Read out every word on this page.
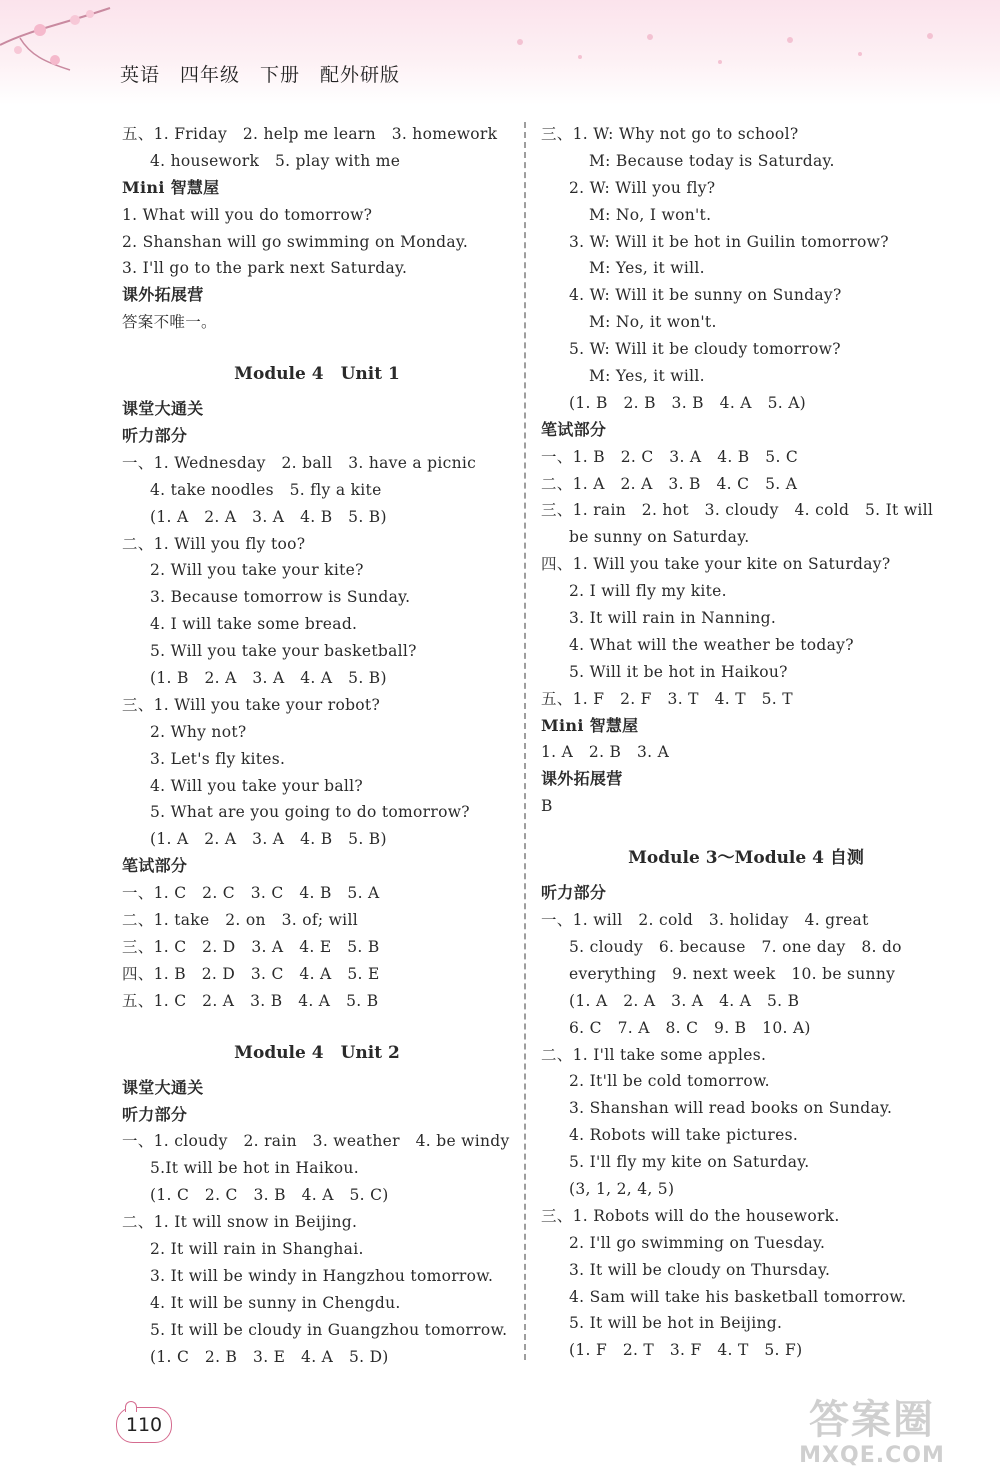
英语　四年级　下册　配外研版
五、1. Friday　2. help me learn　3. homework
4. housework　5. play with me
Mini 智慧屋
1. What will you do tomorrow?
2. Shanshan will go swimming on Monday.
3. I'll go to the park next Saturday.
课外拓展营
答案不唯一。
Module 4　Unit 1
课堂大通关
听力部分
一、1. Wednesday　2. ball　3. have a picnic
4. take noodles　5. fly a kite
(1. A　2. A　3. A　4. B　5. B)
二、1. Will you fly too?
2. Will you take your kite?
3. Because tomorrow is Sunday.
4. I will take some bread.
5. Will you take your basketball?
(1. B　2. A　3. A　4. A　5. B)
三、1. Will you take your robot?
2. Why not?
3. Let's fly kites.
4. Will you take your ball?
5. What are you going to do tomorrow?
(1. A　2. A　3. A　4. B　5. B)
笔试部分
一、1. C　2. C　3. C　4. B　5. A
二、1. take　2. on　3. of; will
三、1. C　2. D　3. A　4. E　5. B
四、1. B　2. D　3. C　4. A　5. E
五、1. C　2. A　3. B　4. A　5. B
Module 4　Unit 2
课堂大通关
听力部分
一、1. cloudy　2. rain　3. weather　4. be windy
5.It will be hot in Haikou.
(1. C　2. C　3. B　4. A　5. C)
二、1. It will snow in Beijing.
2. It will rain in Shanghai.
3. It will be windy in Hangzhou tomorrow.
4. It will be sunny in Chengdu.
5. It will be cloudy in Guangzhou tomorrow.
(1. C　2. B　3. E　4. A　5. D)
三、1. W: Why not go to school?
M: Because today is Saturday.
2. W: Will you fly?
M: No, I won't.
3. W: Will it be hot in Guilin tomorrow?
M: Yes, it will.
4. W: Will it be sunny on Sunday?
M: No, it won't.
5. W: Will it be cloudy tomorrow?
M: Yes, it will.
(1. B　2. B　3. B　4. A　5. A)
笔试部分
一、1. B　2. C　3. A　4. B　5. C
二、1. A　2. A　3. B　4. C　5. A
三、1. rain　2. hot　3. cloudy　4. cold　5. It will
be sunny on Saturday.
四、1. Will you take your kite on Saturday?
2. I will fly my kite.
3. It will rain in Nanning.
4. What will the weather be today?
5. Will it be hot in Haikou?
五、1. F　2. F　3. T　4. T　5. T
Mini 智慧屋
1. A　2. B　3. A
课外拓展营
B
Module 3～Module 4 自测
听力部分
一、1. will　2. cold　3. holiday　4. great
5. cloudy　6. because　7. one day　8. do
everything　9. next week　10. be sunny
(1. A　2. A　3. A　4. A　5. B
6. C　7. A　8. C　9. B　10. A)
二、1. I'll take some apples.
2. It'll be cold tomorrow.
3. Shanshan will read books on Sunday.
4. Robots will take pictures.
5. I'll fly my kite on Saturday.
(3, 1, 2, 4, 5)
三、1. Robots will do the housework.
2. I'll go swimming on Tuesday.
3. It will be cloudy on Thursday.
4. Sam will take his basketball tomorrow.
5. It will be hot in Beijing.
(1. F　2. T　3. F　4. T　5. F)
110	答案圈
MXQE.COM
